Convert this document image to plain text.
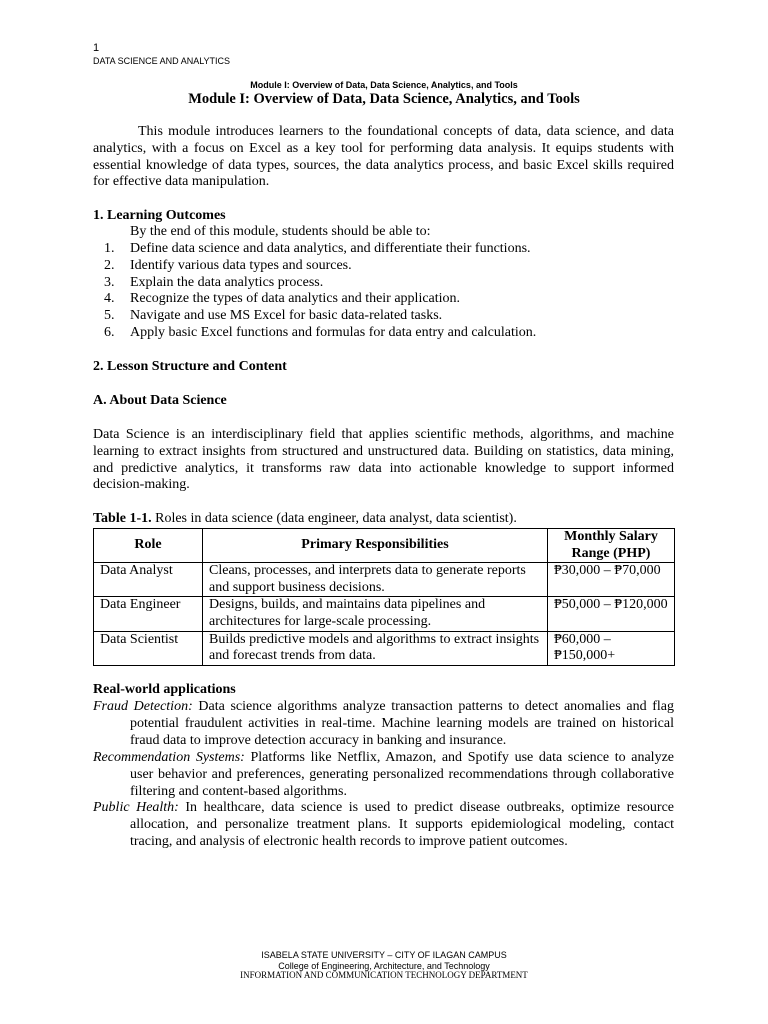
1
DATA SCIENCE AND ANALYTICS
Module I: Overview of Data, Data Science, Analytics, and Tools
Module I: Overview of Data, Data Science, Analytics, and Tools

This module introduces learners to the foundational concepts of data, data science, and data analytics, with a focus on Excel as a key tool for performing data analysis. It equips students with essential knowledge of data types, sources, the data analytics process, and basic Excel skills required for effective data manipulation.

1. Learning Outcomes
By the end of this module, students should be able to:
1.	Define data science and data analytics, and differentiate their functions.
2.	Identify various data types and sources.
3.	Explain the data analytics process.
4.	Recognize the types of data analytics and their application.
5.	Navigate and use MS Excel for basic data-related tasks.
6.	Apply basic Excel functions and formulas for data entry and calculation.
2. Lesson Structure and Content
A. About Data Science

Data Science is an interdisciplinary field that applies scientific methods, algorithms, and machine learning to extract insights from structured and unstructured data. Building on statistics, data mining, and predictive analytics, it transforms raw data into actionable knowledge to support informed decision-making.

Table 1-1. Roles in data science (data engineer, data analyst, data scientist).
Role	Primary Responsibilities	Monthly Salary Range (PHP)
Data Analyst	Cleans, processes, and interprets data to generate reports and support business decisions.	₱30,000 – ₱70,000
Data Engineer	Designs, builds, and maintains data pipelines and architectures for large-scale processing.	₱50,000 – ₱120,000
Data Scientist	Builds predictive models and algorithms to extract insights and forecast trends from data.	₱60,000 – ₱150,000+
Real-world applications

Fraud Detection: Data science algorithms analyze transaction patterns to detect anomalies and flag potential fraudulent activities in real-time. Machine learning models are trained on historical fraud data to improve detection accuracy in banking and insurance.

Recommendation Systems: Platforms like Netflix, Amazon, and Spotify use data science to analyze user behavior and preferences, generating personalized recommendations through collaborative filtering and content-based algorithms.

Public Health: In healthcare, data science is used to predict disease outbreaks, optimize resource allocation, and personalize treatment plans. It supports epidemiological modeling, contact tracing, and analysis of electronic health records to improve patient outcomes.

ISABELA STATE UNIVERSITY – CITY OF ILAGAN CAMPUS
College of Engineering, Architecture, and Technology
INFORMATION AND COMMUNICATION TECHNOLOGY DEPARTMENT
